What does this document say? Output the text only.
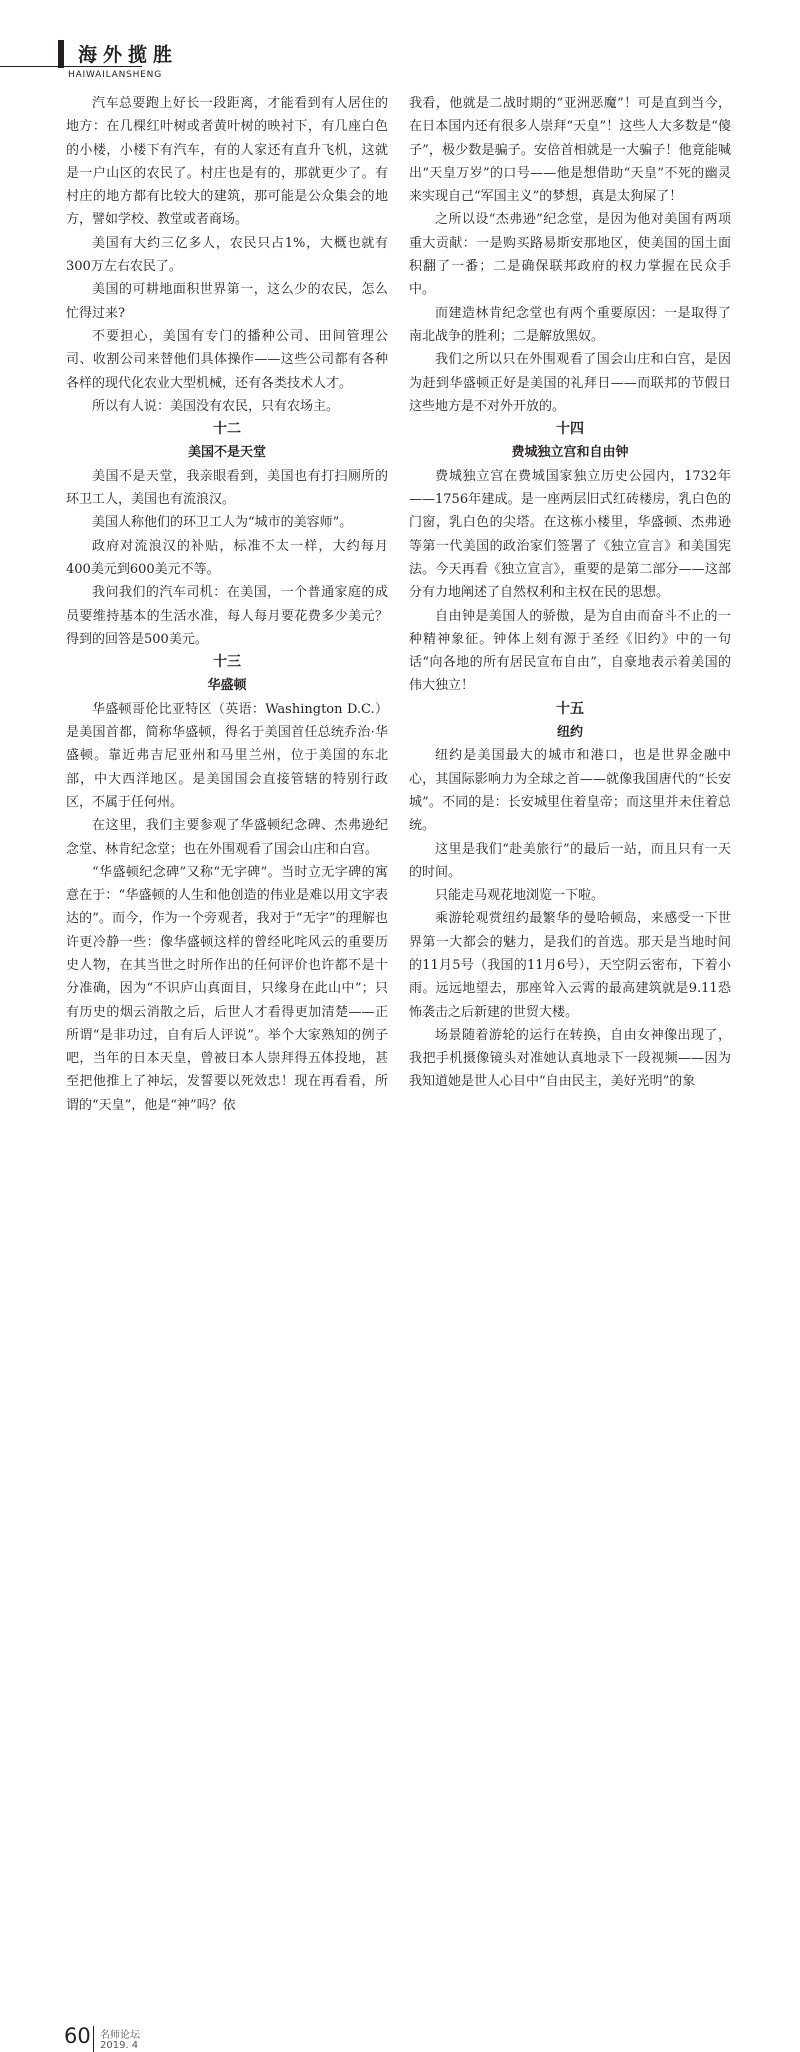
海外揽胜
HAIWAILANSHENG

汽车总要跑上好长一段距离，才能看到有人居住的地方：在几棵红叶树或者黄叶树的映衬下，有几座白色的小楼，小楼下有汽车，有的人家还有直升飞机，这就是一户山区的农民了。村庄也是有的，那就更少了。有村庄的地方都有比较大的建筑，那可能是公众集会的地方，譬如学校、教堂或者商场。

美国有大约三亿多人，农民只占1%，大概也就有300万左右农民了。

美国的可耕地面积世界第一，这么少的农民，怎么忙得过来?

不要担心，美国有专门的播种公司、田间管理公司、收割公司来替他们具体操作——这些公司都有各种各样的现代化农业大型机械，还有各类技术人才。

所以有人说：美国没有农民，只有农场主。

十二
美国不是天堂

美国不是天堂，我亲眼看到，美国也有打扫厕所的环卫工人，美国也有流浪汉。

美国人称他们的环卫工人为“城市的美容师”。

政府对流浪汉的补贴，标准不太一样，大约每月400美元到600美元不等。

我问我们的汽车司机：在美国，一个普通家庭的成员要维持基本的生活水准，每人每月要花费多少美元？得到的回答是500美元。

十三
华盛顿

华盛顿哥伦比亚特区（英语：Washington D.C.）是美国首都，简称华盛顿，得名于美国首任总统乔治·华盛顿。靠近弗吉尼亚州和马里兰州，位于美国的东北部，中大西洋地区。是美国国会直接管辖的特别行政区，不属于任何州。

在这里，我们主要参观了华盛顿纪念碑、杰弗逊纪念堂、林肯纪念堂；也在外围观看了国会山庄和白宫。

“华盛顿纪念碑”又称“无字碑”。当时立无字碑的寓意在于：“华盛顿的人生和他创造的伟业是难以用文字表达的”。而今，作为一个旁观者，我对于“无字”的理解也许更冷静一些：像华盛顿这样的曾经叱咤风云的重要历史人物，在其当世之时所作出的任何评价也许都不是十分准确，因为“不识庐山真面目，只缘身在此山中”；只有历史的烟云消散之后，后世人才看得更加清楚——正所谓“是非功过，自有后人评说”。举个大家熟知的例子吧，当年的日本天皇，曾被日本人崇拜得五体投地，甚至把他推上了神坛，发誓要以死效忠！现在再看看，所谓的“天皇”，他是“神”吗？依

我看，他就是二战时期的“亚洲恶魔”！可是直到当今，在日本国内还有很多人崇拜“天皇”！这些人大多数是“傻子”，极少数是骗子。安倍首相就是一大骗子！他竟能喊出“天皇万岁”的口号——他是想借助“天皇”不死的幽灵来实现自己“军国主义”的梦想，真是太狗屎了！

之所以设“杰弗逊”纪念堂，是因为他对美国有两项重大贡献：一是购买路易斯安那地区，使美国的国土面积翻了一番；二是确保联邦政府的权力掌握在民众手中。

而建造林肯纪念堂也有两个重要原因：一是取得了南北战争的胜利；二是解放黑奴。

我们之所以只在外围观看了国会山庄和白宫，是因为赶到华盛顿正好是美国的礼拜日——而联邦的节假日这些地方是不对外开放的。

十四
费城独立宫和自由钟

费城独立宫在费城国家独立历史公园内，1732年——1756年建成。是一座两层旧式红砖楼房，乳白色的门窗，乳白色的尖塔。在这栋小楼里，华盛顿、杰弗逊等第一代美国的政治家们签署了《独立宣言》和美国宪法。今天再看《独立宣言》，重要的是第二部分——这部分有力地阐述了自然权利和主权在民的思想。

自由钟是美国人的骄傲，是为自由而奋斗不止的一种精神象征。钟体上刻有源于圣经《旧约》中的一句话“向各地的所有居民宣布自由”，自豪地表示着美国的伟大独立！

十五
纽约

纽约是美国最大的城市和港口，也是世界金融中心，其国际影响力为全球之首——就像我国唐代的“长安城”。不同的是：长安城里住着皇帝；而这里并未住着总统。

这里是我们“赴美旅行”的最后一站，而且只有一天的时间。

只能走马观花地浏览一下啦。

乘游轮观赏纽约最繁华的曼哈顿岛，来感受一下世界第一大都会的魅力，是我们的首选。那天是当地时间的11月5号（我国的11月6号），天空阴云密布，下着小雨。远远地望去，那座耸入云霄的最高建筑就是9.11恐怖袭击之后新建的世贸大楼。

场景随着游轮的运行在转换，自由女神像出现了，我把手机摄像镜头对准她认真地录下一段视频——因为我知道她是世人心目中“自由民主，美好光明”的象

60 名师论坛
2019. 4
